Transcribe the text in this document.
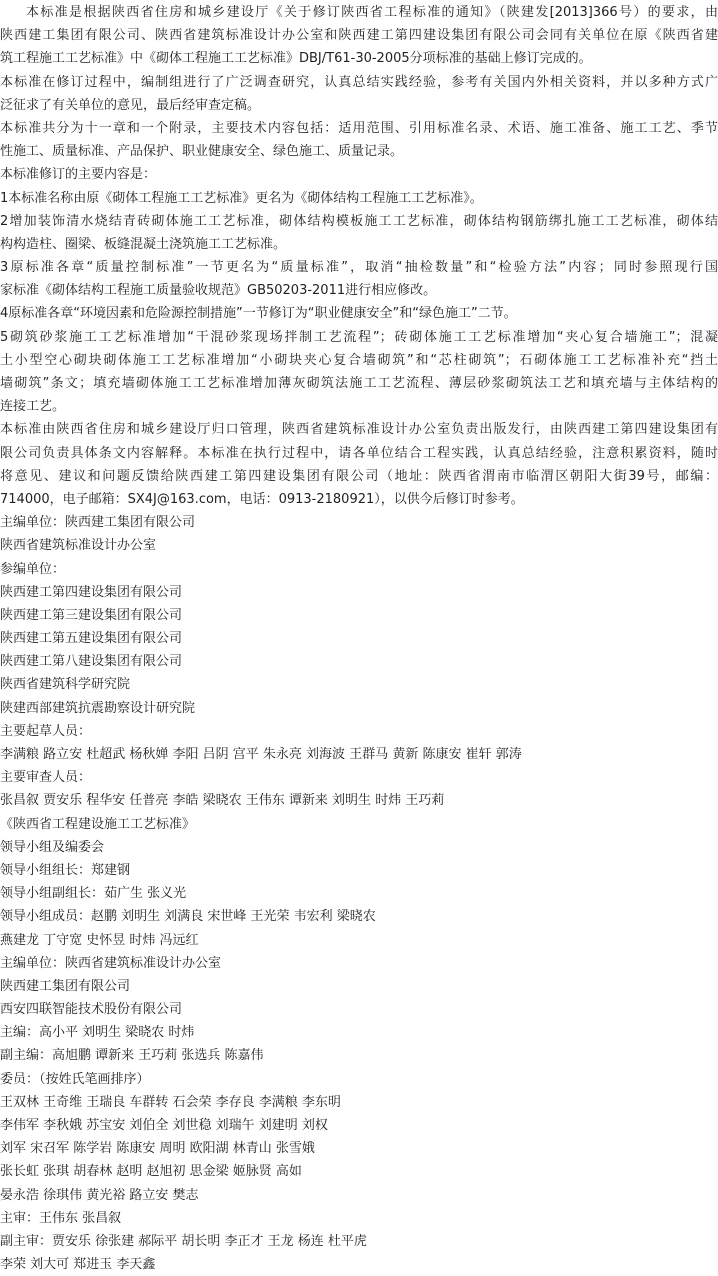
本标准是根据陕西省住房和城乡建设厅《关于修订陕西省工程标准的通知》（陕建发[2013]366号）的要求，由
陕西建工集团有限公司、陕西省建筑标准设计办公室和陕西建工第四建设集团有限公司会同有关单位在原《陕西省建
筑工程施工工艺标准》中《砌体工程施工工艺标准》DBJ/T61-30-2005分项标准的基础上修订完成的。
本标准在修订过程中，编制组进行了广泛调查研究，认真总结实践经验，参考有关国内外相关资料，并以多种方式广
泛征求了有关单位的意见，最后经审查定稿。
本标准共分为十一章和一个附录，主要技术内容包括：适用范围、引用标准名录、术语、施工准备、施工工艺、季节
性施工、质量标准、产品保护、职业健康安全、绿色施工、质量记录。
本标准修订的主要内容是：
1本标准名称由原《砌体工程施工工艺标准》更名为《砌体结构工程施工工艺标准》。
2增加装饰清水烧结青砖砌体施工工艺标准，砌体结构模板施工工艺标准，砌体结构钢筋绑扎施工工艺标准，砌体结
构构造柱、圈梁、板缝混凝土浇筑施工工艺标准。
3原标准各章“质量控制标准”一节更名为“质量标准”，取消“抽检数量”和“检验方法”内容；同时参照现行国
家标准《砌体结构工程施工质量验收规范》GB50203-2011进行相应修改。
4原标准各章“环境因素和危险源控制措施”一节修订为“职业健康安全”和“绿色施工”二节。
5砌筑砂浆施工工艺标准增加“干混砂浆现场拌制工艺流程”；砖砌体施工工艺标准增加“夹心复合墙施工”；混凝
土小型空心砌块砌体施工工艺标准增加“小砌块夹心复合墙砌筑”和“芯柱砌筑”；石砌体施工工艺标准补充“挡土
墙砌筑”条文；填充墙砌体施工工艺标准增加薄灰砌筑法施工工艺流程、薄层砂浆砌筑法工艺和填充墙与主体结构的
连接工艺。
本标准由陕西省住房和城乡建设厅归口管理，陕西省建筑标准设计办公室负责出版发行，由陕西建工第四建设集团有
限公司负责具体条文内容解释。本标准在执行过程中，请各单位结合工程实践，认真总结经验，注意积累资料，随时
将意见、建议和问题反馈给陕西建工第四建设集团有限公司（地址：陕西省渭南市临渭区朝阳大街39号，邮编：
714000，电子邮箱：SX4J@163.com，电话：0913-2180921），以供今后修订时参考。
主编单位：陕西建工集团有限公司
陕西省建筑标准设计办公室
参编单位：
陕西建工第四建设集团有限公司
陕西建工第三建设集团有限公司
陕西建工第五建设集团有限公司
陕西建工第八建设集团有限公司
陕西省建筑科学研究院
陕建西部建筑抗震勘察设计研究院
主要起草人员：
李满粮 路立安 杜超武 杨秋婵 李阳 吕阴 宫平 朱永亮 刘海波 王群马 黄新 陈康安 崔轩 郭涛
主要审查人员：
张昌叙 贾安乐 程华安 任普亮 李皓 梁晓农 王伟东 谭新来 刘明生 时炜 王巧莉
《陕西省工程建设施工工艺标准》
领导小组及编委会
领导小组组长：郑建钢
领导小组副组长：茹广生 张义光
领导小组成员：赵鹏 刘明生 刘满良 宋世峰 王光荣 韦宏利 梁晓农
燕建龙 丁守宽 史怀昱 时炜 冯远红
主编单位：陕西省建筑标准设计办公室
陕西建工集团有限公司
西安四联智能技术股份有限公司
主编：高小平 刘明生 梁晓农 时炜
副主编：高旭鹏 谭新来 王巧莉 张选兵 陈嘉伟
委员：（按姓氏笔画排序）
王双林 王奇维 王瑞良 车群转 石会荣 李存良 李满粮 李东明
李伟军 李秋娥 苏宝安 刘伯全 刘世稳 刘瑞午 刘建明 刘权
刘军 宋召军 陈学岩 陈康安 周明 欧阳湖 林青山 张雪娥
张长虹 张琪 胡春林 赵明 赵旭初 思金梁 姬脉贤 高如
晏永浩 徐琪伟 黄光裕 路立安 樊志
主审：王伟东 张昌叙
副主审：贾安乐 徐张建 郝际平 胡长明 李正才 王龙 杨连 杜平虎
李荣 刘大可 郑进玉 李天鑫
